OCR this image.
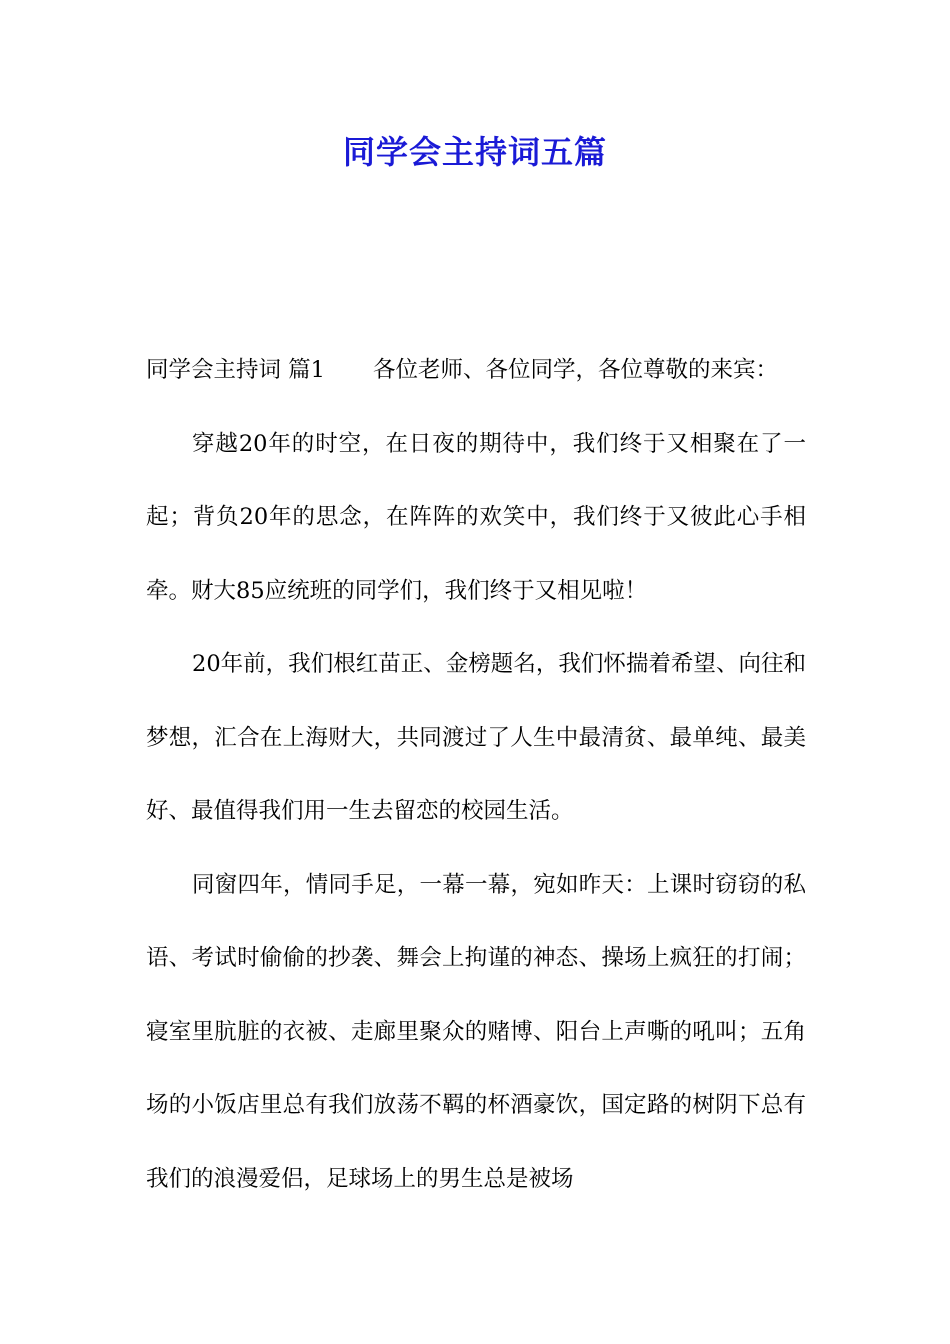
同学会主持词五篇

同学会主持词 篇1 各位老师、各位同学，各位尊敬的来宾：

穿越20年的时空，在日夜的期待中，我们终于又相聚在了一起；背负20年的思念，在阵阵的欢笑中，我们终于又彼此心手相牵。财大85应统班的同学们，我们终于又相见啦！

20年前，我们根红苗正、金榜题名，我们怀揣着希望、向往和梦想，汇合在上海财大，共同渡过了人生中最清贫、最单纯、最美好、最值得我们用一生去留恋的校园生活。

同窗四年，情同手足，一幕一幕，宛如昨天：上课时窃窃的私语、考试时偷偷的抄袭、舞会上拘谨的神态、操场上疯狂的打闹；寝室里肮脏的衣被、走廊里聚众的赌博、阳台上声嘶的吼叫；五角场的小饭店里总有我们放荡不羁的杯酒豪饮，国定路的树阴下总有我们的浪漫爱侣，足球场上的男生总是被场
